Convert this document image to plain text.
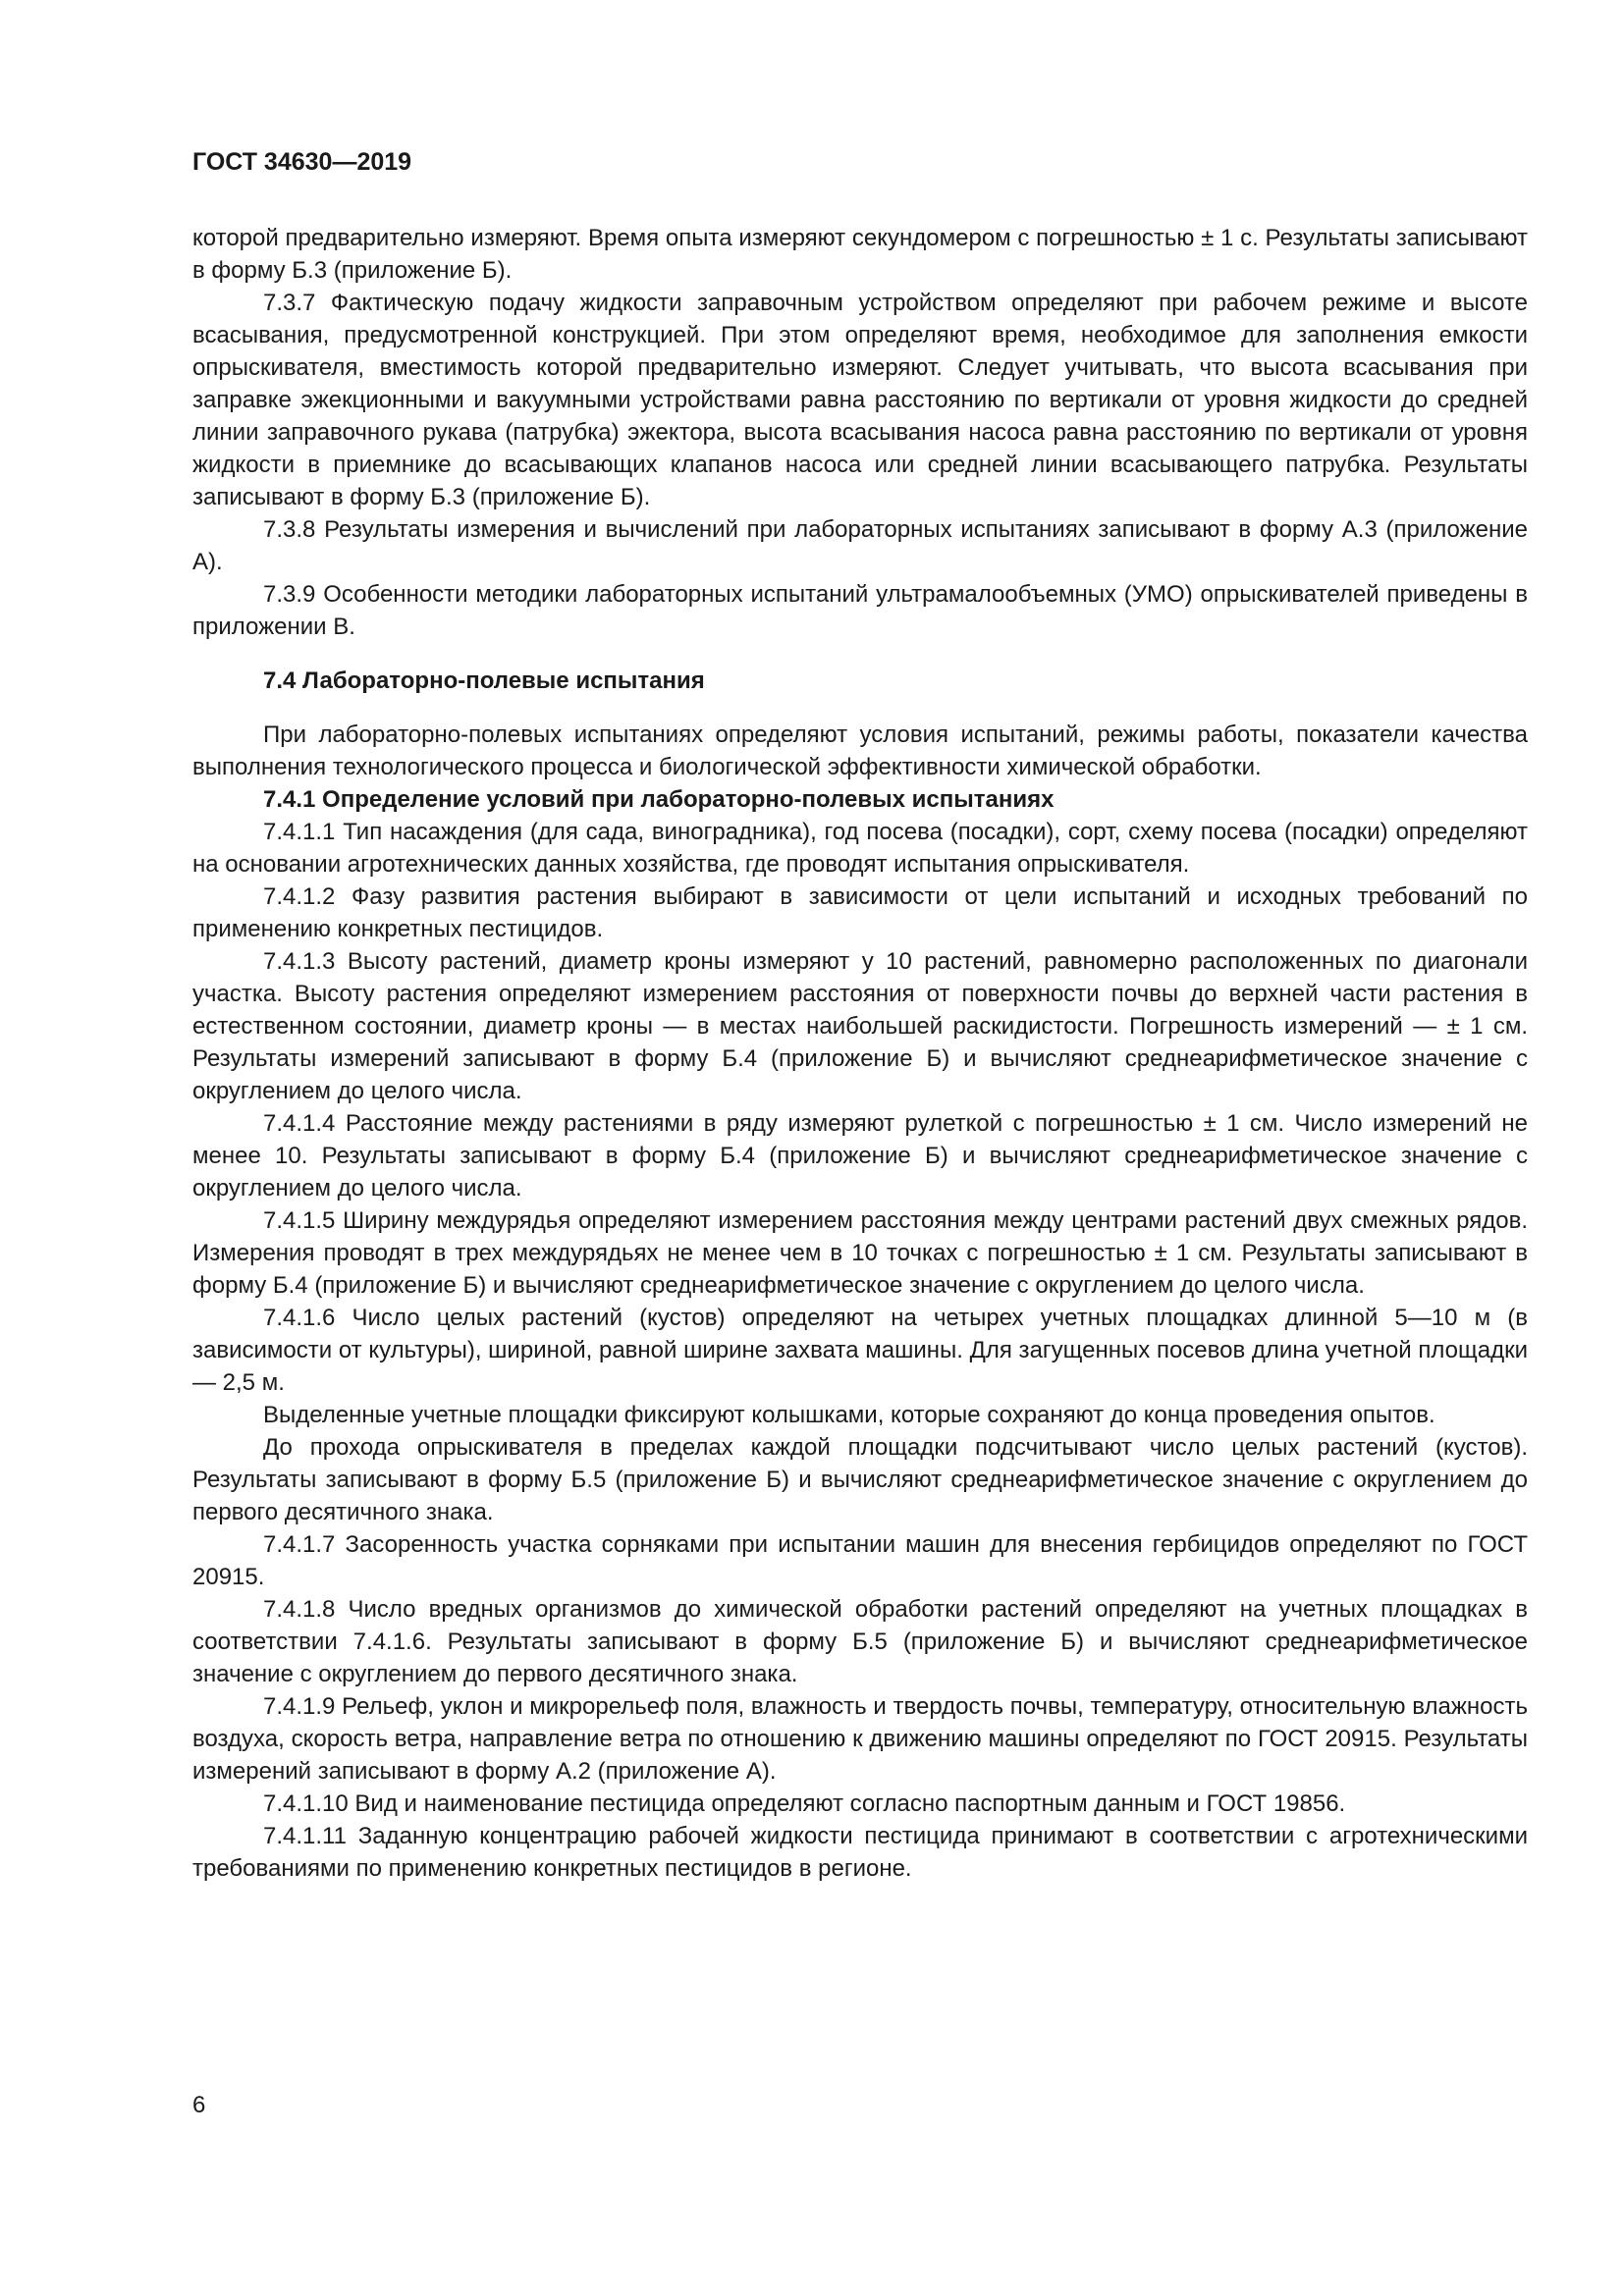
ГОСТ 34630—2019

которой предварительно измеряют. Время опыта измеряют секундомером с погрешностью ± 1 с. Результаты записывают в форму Б.3 (приложение Б).

7.3.7 Фактическую подачу жидкости заправочным устройством определяют при рабочем режиме и высоте всасывания, предусмотренной конструкцией. При этом определяют время, необходимое для заполнения емкости опрыскивателя, вместимость которой предварительно измеряют. Следует учитывать, что высота всасывания при заправке эжекционными и вакуумными устройствами равна расстоянию по вертикали от уровня жидкости до средней линии заправочного рукава (патрубка) эжектора, высота всасывания насоса равна расстоянию по вертикали от уровня жидкости в приемнике до всасывающих клапанов насоса или средней линии всасывающего патрубка. Результаты записывают в форму Б.3 (приложение Б).

7.3.8 Результаты измерения и вычислений при лабораторных испытаниях записывают в форму А.3 (приложение А).

7.3.9 Особенности методики лабораторных испытаний ультрамалообъемных (УМО) опрыскивателей приведены в приложении В.

7.4 Лабораторно-полевые испытания

При лабораторно-полевых испытаниях определяют условия испытаний, режимы работы, показатели качества выполнения технологического процесса и биологической эффективности химической обработки.

7.4.1 Определение условий при лабораторно-полевых испытаниях

7.4.1.1 Тип насаждения (для сада, виноградника), год посева (посадки), сорт, схему посева (посадки) определяют на основании агротехнических данных хозяйства, где проводят испытания опрыскивателя.

7.4.1.2 Фазу развития растения выбирают в зависимости от цели испытаний и исходных требований по применению конкретных пестицидов.

7.4.1.3 Высоту растений, диаметр кроны измеряют у 10 растений, равномерно расположенных по диагонали участка. Высоту растения определяют измерением расстояния от поверхности почвы до верхней части растения в естественном состоянии, диаметр кроны — в местах наибольшей раскидистости. Погрешность измерений — ± 1 см. Результаты измерений записывают в форму Б.4 (приложение Б) и вычисляют среднеарифметическое значение с округлением до целого числа.

7.4.1.4 Расстояние между растениями в ряду измеряют рулеткой с погрешностью ± 1 см. Число измерений не менее 10. Результаты записывают в форму Б.4 (приложение Б) и вычисляют среднеарифметическое значение с округлением до целого числа.

7.4.1.5 Ширину междурядья определяют измерением расстояния между центрами растений двух смежных рядов. Измерения проводят в трех междурядьях не менее чем в 10 точках с погрешностью ± 1 см. Результаты записывают в форму Б.4 (приложение Б) и вычисляют среднеарифметическое значение с округлением до целого числа.

7.4.1.6 Число целых растений (кустов) определяют на четырех учетных площадках длинной 5—10 м (в зависимости от культуры), шириной, равной ширине захвата машины. Для загущенных посевов длина учетной площадки — 2,5 м.

Выделенные учетные площадки фиксируют колышками, которые сохраняют до конца проведения опытов.

До прохода опрыскивателя в пределах каждой площадки подсчитывают число целых растений (кустов). Результаты записывают в форму Б.5 (приложение Б) и вычисляют среднеарифметическое значение с округлением до первого десятичного знака.

7.4.1.7 Засоренность участка сорняками при испытании машин для внесения гербицидов определяют по ГОСТ 20915.

7.4.1.8 Число вредных организмов до химической обработки растений определяют на учетных площадках в соответствии 7.4.1.6. Результаты записывают в форму Б.5 (приложение Б) и вычисляют среднеарифметическое значение с округлением до первого десятичного знака.

7.4.1.9 Рельеф, уклон и микрорельеф поля, влажность и твердость почвы, температуру, относительную влажность воздуха, скорость ветра, направление ветра по отношению к движению машины определяют по ГОСТ 20915. Результаты измерений записывают в форму А.2 (приложение А).

7.4.1.10 Вид и наименование пестицида определяют согласно паспортным данным и ГОСТ 19856.

7.4.1.11 Заданную концентрацию рабочей жидкости пестицида принимают в соответствии с агротехническими требованиями по применению конкретных пестицидов в регионе.

6
